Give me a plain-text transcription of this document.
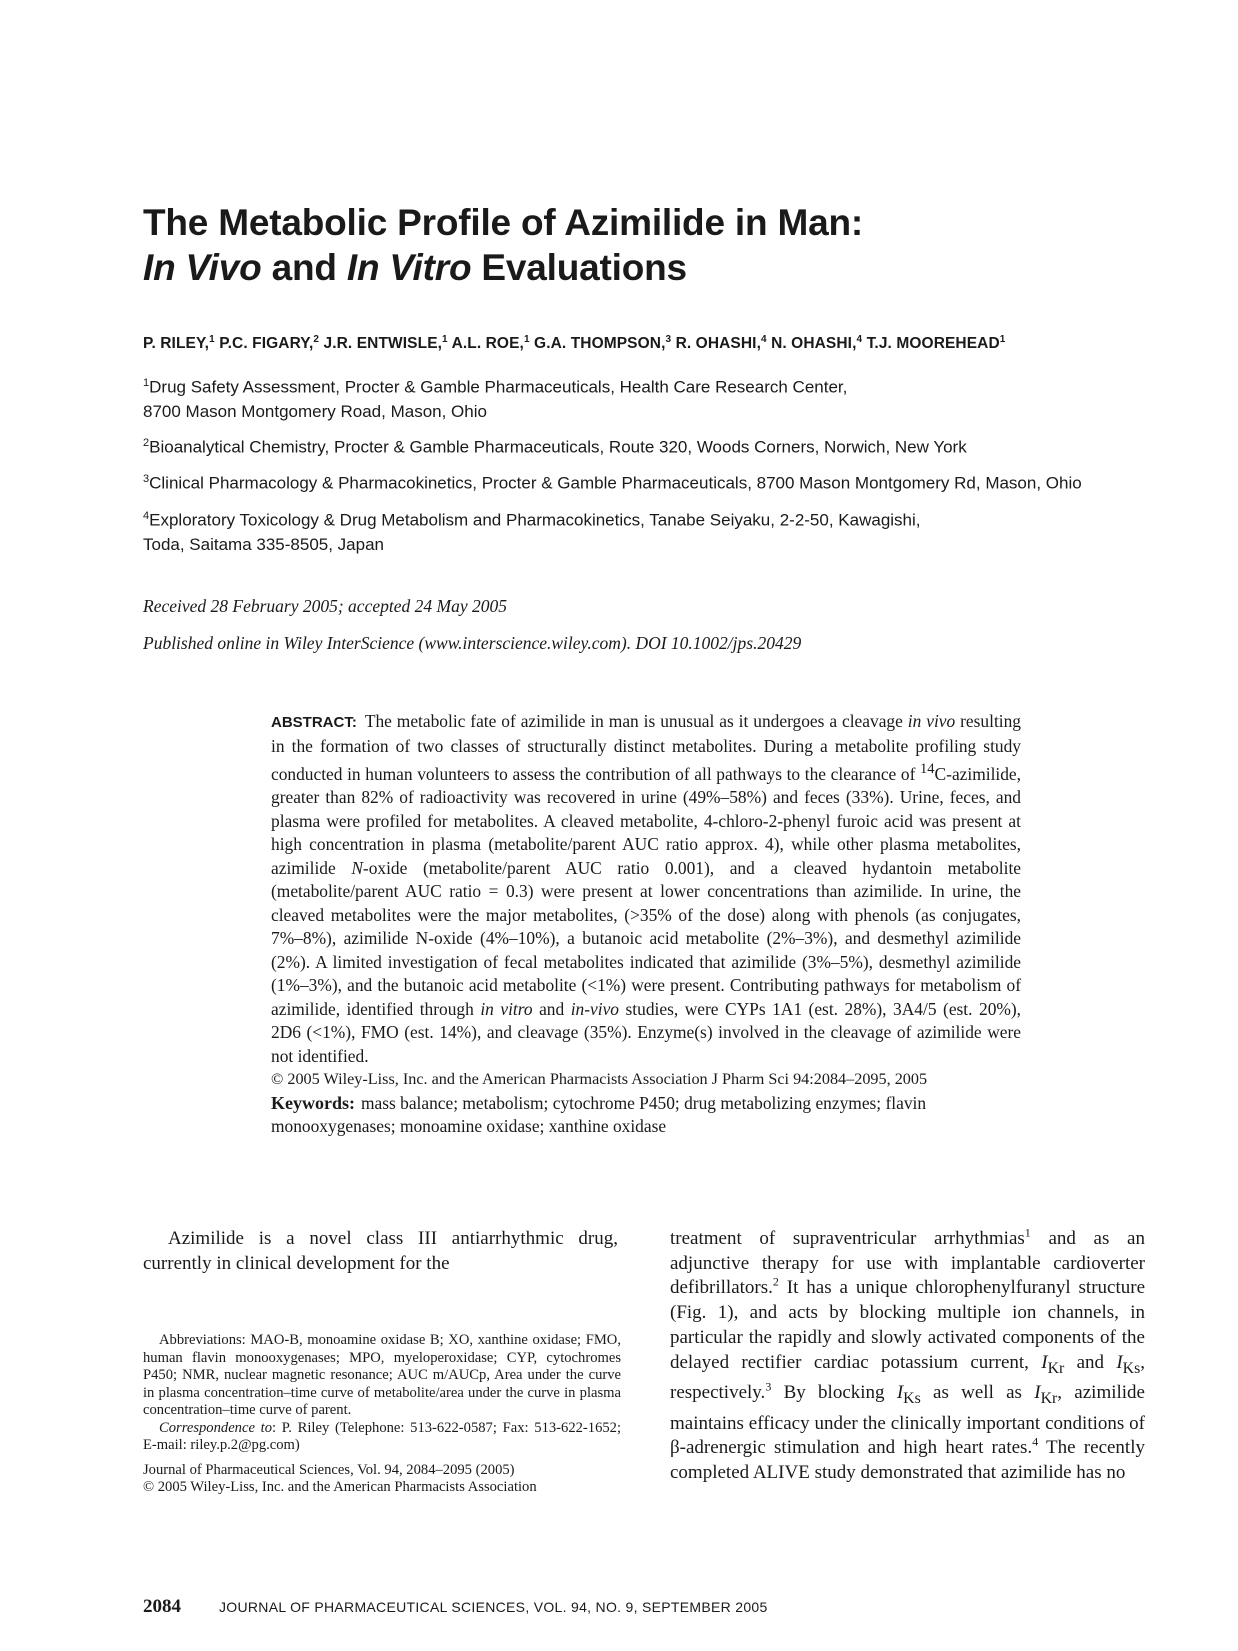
The Metabolic Profile of Azimilide in Man:
In Vivo and In Vitro Evaluations
P. RILEY,$^1$ P.C. FIGARY,$^2$ J.R. ENTWISLE,$^1$ A.L. ROE,$^1$ G.A. THOMPSON,$^3$ R. OHASHI,$^4$ N. OHASHI,$^4$ T.J. MOOREHEAD$^1$
$^1$Drug Safety Assessment, Procter & Gamble Pharmaceuticals, Health Care Research Center,
8700 Mason Montgomery Road, Mason, Ohio
$^2$Bioanalytical Chemistry, Procter & Gamble Pharmaceuticals, Route 320, Woods Corners, Norwich, New York
$^3$Clinical Pharmacology & Pharmacokinetics, Procter & Gamble Pharmaceuticals, 8700 Mason Montgomery Rd, Mason, Ohio
$^4$Exploratory Toxicology & Drug Metabolism and Pharmacokinetics, Tanabe Seiyaku, 2-2-50, Kawagishi,
Toda, Saitama 335-8505, Japan
Received 28 February 2005; accepted 24 May 2005
Published online in Wiley InterScience (www.interscience.wiley.com). DOI 10.1002/jps.20429
ABSTRACT: The metabolic fate of azimilide in man is unusual as it undergoes a cleavage in vivo resulting in the formation of two classes of structurally distinct metabolites. During a metabolite profiling study conducted in human volunteers to assess the contribution of all pathways to the clearance of $^{14}$C-azimilide, greater than 82% of radioactivity was recovered in urine (49%–58%) and feces (33%). Urine, feces, and plasma were profiled for metabolites. A cleaved metabolite, 4-chloro-2-phenyl furoic acid was present at high concentration in plasma (metabolite/parent AUC ratio approx. 4), while other plasma metabolites, azimilide N-oxide (metabolite/parent AUC ratio 0.001), and a cleaved hydantoin metabolite (metabolite/parent AUC ratio = 0.3) were present at lower concentrations than azimilide. In urine, the cleaved metabolites were the major metabolites, (>35% of the dose) along with phenols (as conjugates, 7%–8%), azimilide N-oxide (4%–10%), a butanoic acid metabolite (2%–3%), and desmethyl azimilide (2%). A limited investigation of fecal metabolites indicated that azimilide (3%–5%), desmethyl azimilide (1%–3%), and the butanoic acid metabolite (<1%) were present. Contributing pathways for metabolism of azimilide, identified through in vitro and in-vivo studies, were CYPs 1A1 (est. 28%), 3A4/5 (est. 20%), 2D6 (<1%), FMO (est. 14%), and cleavage (35%). Enzyme(s) involved in the cleavage of azimilide were not identified.
© 2005 Wiley-Liss, Inc. and the American Pharmacists Association J Pharm Sci 94:2084–2095, 2005
Keywords: mass balance; metabolism; cytochrome P450; drug metabolizing enzymes; flavin monooxygenases; monoamine oxidase; xanthine oxidase
Azimilide is a novel class III antiarrhythmic drug, currently in clinical development for the
Abbreviations: MAO-B, monoamine oxidase B; XO, xanthine oxidase; FMO, human flavin monooxygenases; MPO, myeloperoxidase; CYP, cytochromes P450; NMR, nuclear magnetic resonance; AUC m/AUCp, Area under the curve in plasma concentration–time curve of metabolite/area under the curve in plasma concentration–time curve of parent.
Correspondence to: P. Riley (Telephone: 513-622-0587; Fax: 513-622-1652; E-mail: riley.p.2@pg.com)
Journal of Pharmaceutical Sciences, Vol. 94, 2084–2095 (2005)
© 2005 Wiley-Liss, Inc. and the American Pharmacists Association
treatment of supraventricular arrhythmias$^1$ and as an adjunctive therapy for use with implantable cardioverter defibrillators.$^2$ It has a unique chlorophenylfuranyl structure (Fig. 1), and acts by blocking multiple ion channels, in particular the rapidly and slowly activated components of the delayed rectifier cardiac potassium current, $I_{Kr}$ and $I_{Ks}$, respectively.$^3$ By blocking $I_{Ks}$ as well as $I_{Kr}$, azimilide maintains efficacy under the clinically important conditions of β-adrenergic stimulation and high heart rates.$^4$ The recently completed ALIVE study demonstrated that azimilide has no
2084	JOURNAL OF PHARMACEUTICAL SCIENCES, VOL. 94, NO. 9, SEPTEMBER 2005
